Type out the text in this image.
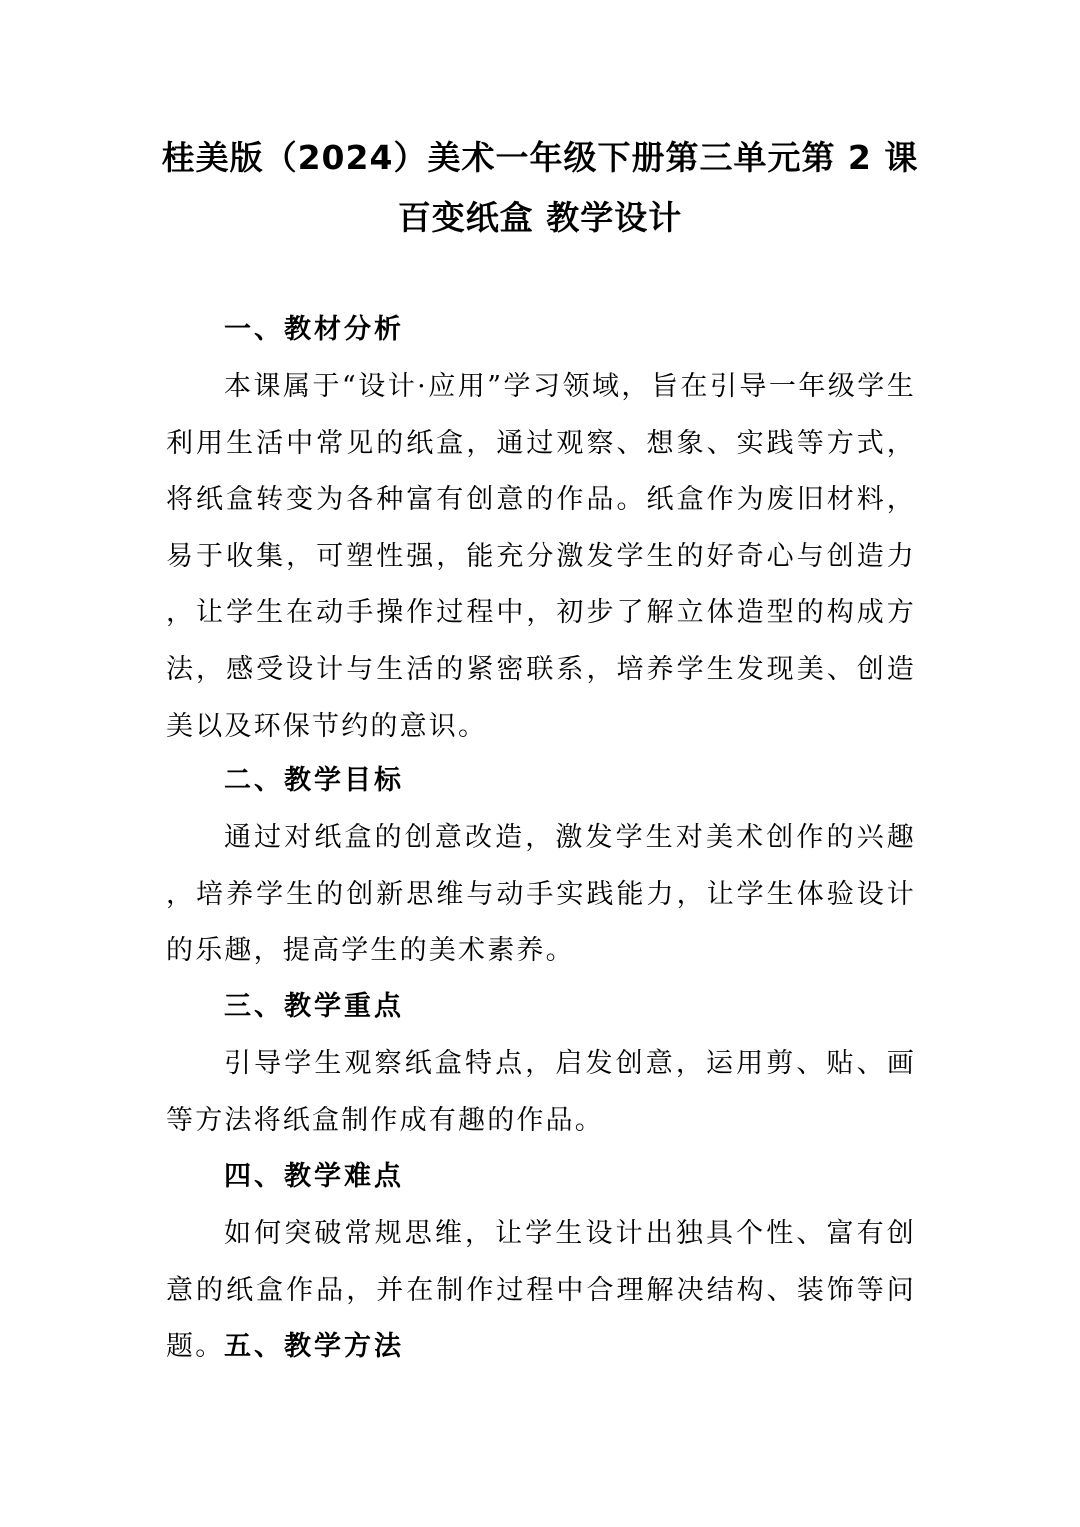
桂美版（2024）美术一年级下册第三单元第 2 课
百变纸盒 教学设计
一、教材分析
本课属于“设计·应用”学习领域，旨在引导一年级学生利用生活中常见的纸盒，通过观察、想象、实践等方式，将纸盒转变为各种富有创意的作品。纸盒作为废旧材料，易于收集，可塑性强，能充分激发学生的好奇心与创造力，让学生在动手操作过程中，初步了解立体造型的构成方法，感受设计与生活的紧密联系，培养学生发现美、创造美以及环保节约的意识。
二、教学目标
通过对纸盒的创意改造，激发学生对美术创作的兴趣，培养学生的创新思维与动手实践能力，让学生体验设计的乐趣，提高学生的美术素养。
三、教学重点
引导学生观察纸盒特点，启发创意，运用剪、贴、画等方法将纸盒制作成有趣的作品。
四、教学难点
如何突破常规思维，让学生设计出独具个性、富有创意的纸盒作品，并在制作过程中合理解决结构、装饰等问题。 五、教学方法
